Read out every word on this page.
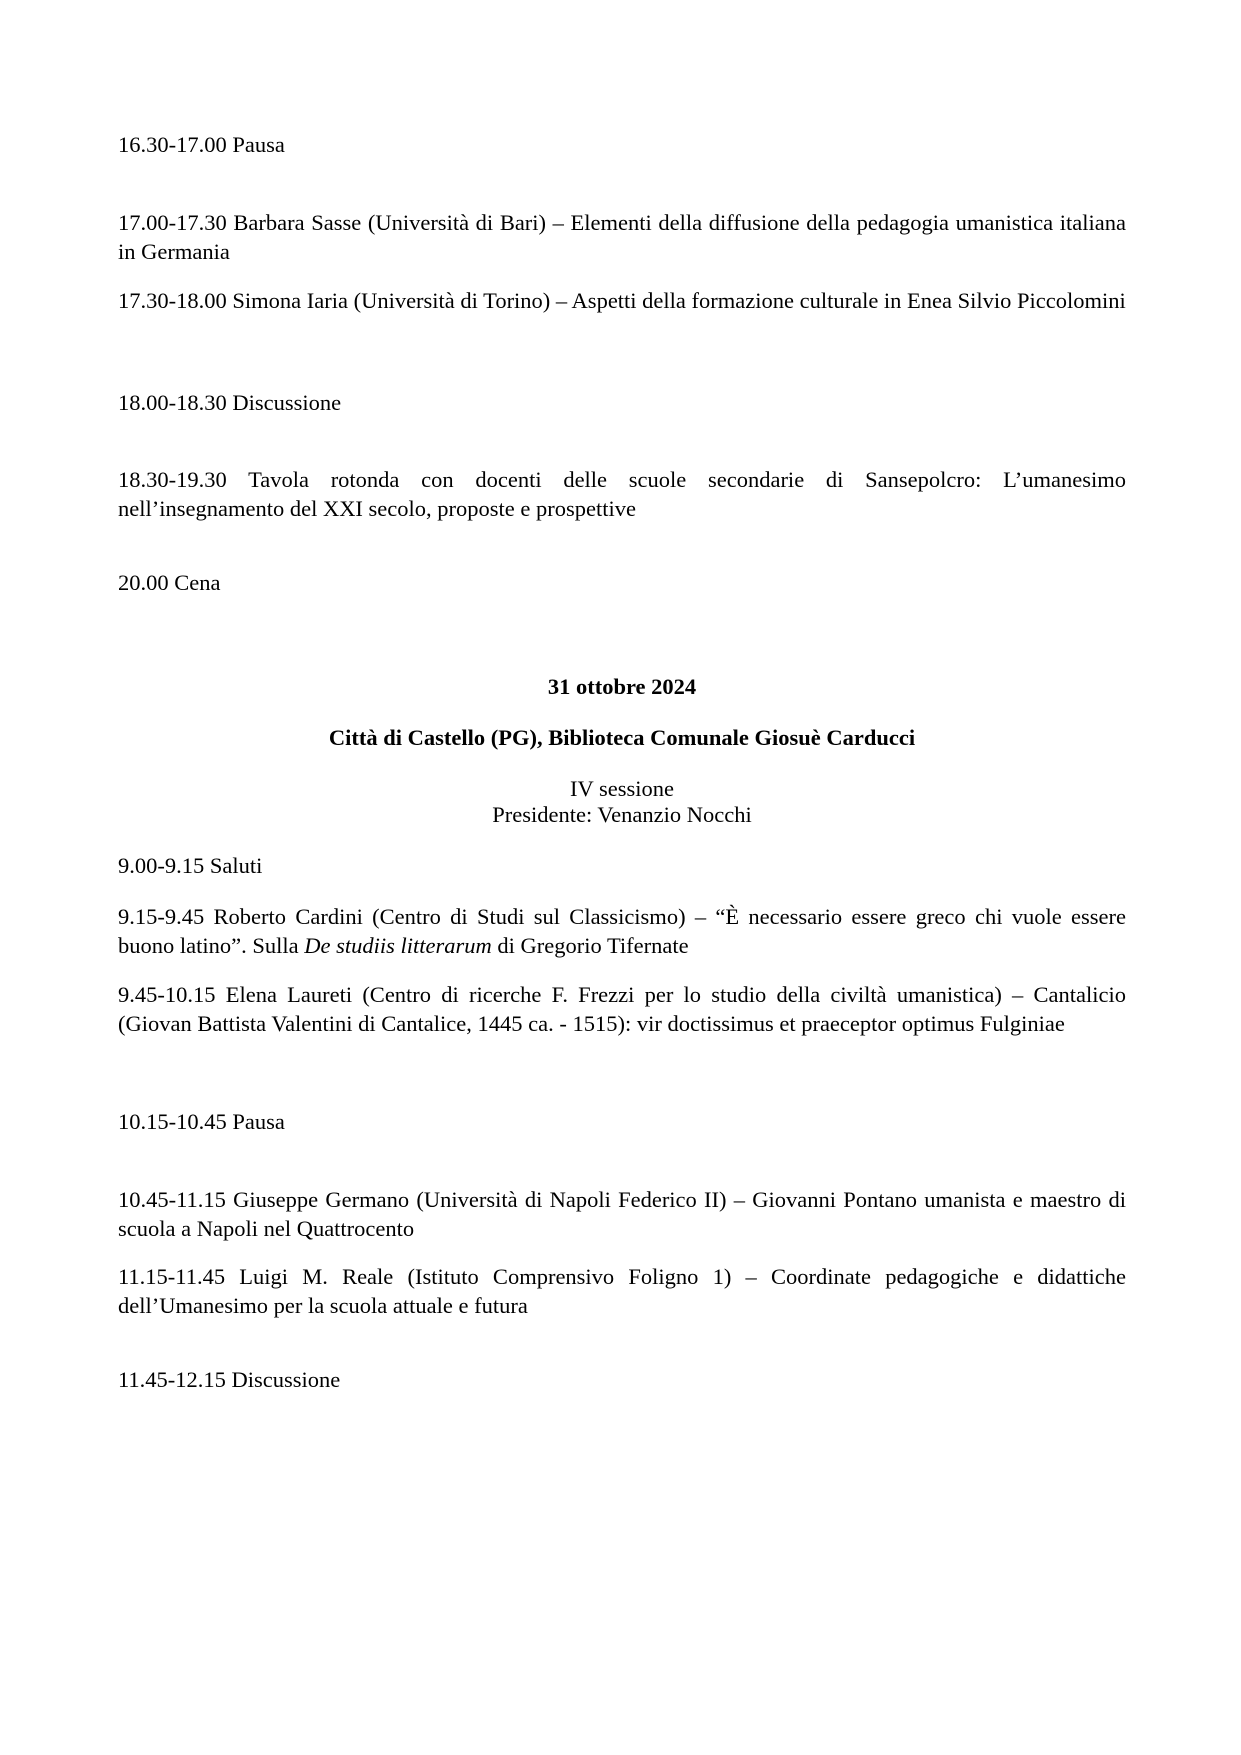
16.30-17.00 Pausa

17.00-17.30 Barbara Sasse (Università di Bari) – Elementi della diffusione della pedagogia umanistica italiana in Germania

17.30-18.00 Simona Iaria (Università di Torino) – Aspetti della formazione culturale in Enea Silvio Piccolomini

18.00-18.30 Discussione

18.30-19.30 Tavola rotonda con docenti delle scuole secondarie di Sansepolcro: L’umanesimo nell’insegnamento del XXI secolo, proposte e prospettive

20.00 Cena

31 ottobre 2024

Città di Castello (PG), Biblioteca Comunale Giosuè Carducci

IV sessione

Presidente: Venanzio Nocchi

9.00-9.15 Saluti

9.15-9.45 Roberto Cardini (Centro di Studi sul Classicismo) – “È necessario essere greco chi vuole essere buono latino”. Sulla De studiis litterarum di Gregorio Tifernate

9.45-10.15 Elena Laureti (Centro di ricerche F. Frezzi per lo studio della civiltà umanistica) – Cantalicio (Giovan Battista Valentini di Cantalice, 1445 ca. - 1515): vir doctissimus et praeceptor optimus Fulginiae

10.15-10.45 Pausa

10.45-11.15 Giuseppe Germano (Università di Napoli Federico II) – Giovanni Pontano umanista e maestro di scuola a Napoli nel Quattrocento

11.15-11.45 Luigi M. Reale (Istituto Comprensivo Foligno 1) – Coordinate pedagogiche e didattiche dell’Umanesimo per la scuola attuale e futura

11.45-12.15 Discussione
